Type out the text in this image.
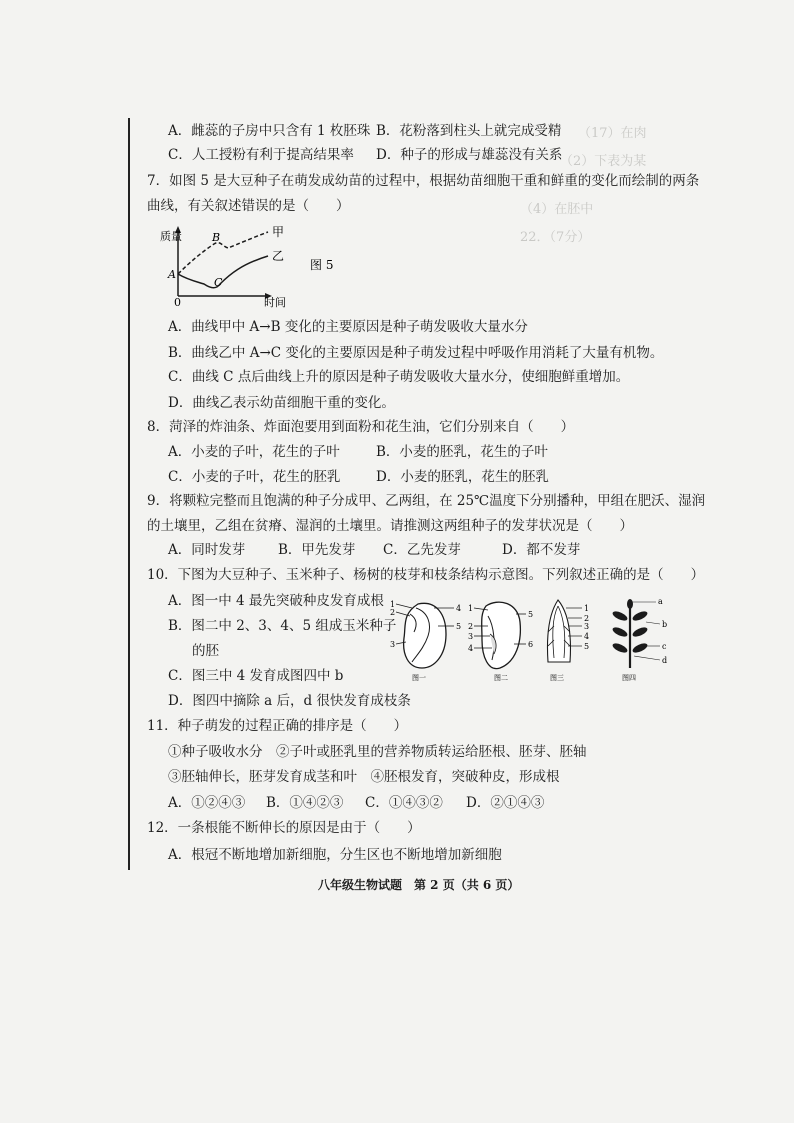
（17）在肉
（2）下表为某
（4）在胚中
22．（7分）
A．雌蕊的子房中只含有 1 枚胚珠 B．花粉落到柱头上就完成受精
C．人工授粉有利于提高结果率 D．种子的形成与雄蕊没有关系
7．如图 5 是大豆种子在萌发成幼苗的过程中，根据幼苗细胞干重和鲜重的变化而绘制的两条
曲线，有关叙述错误的是（　　）
质量
时间
0
A
B
C
甲
乙
图 5
A．曲线甲中 A→B 变化的主要原因是种子萌发吸收大量水分
B．曲线乙中 A→C 变化的主要原因是种子萌发过程中呼吸作用消耗了大量有机物。
C．曲线 C 点后曲线上升的原因是种子萌发吸收大量水分，使细胞鲜重增加。
D．曲线乙表示幼苗细胞干重的变化。
8．菏泽的炸油条、炸面泡要用到面粉和花生油，它们分别来自（　　）
A．小麦的子叶，花生的子叶	B．小麦的胚乳，花生的子叶
C．小麦的子叶，花生的胚乳	D．小麦的胚乳，花生的胚乳
9．将颗粒完整而且饱满的种子分成甲、乙两组，在 25℃温度下分别播种，甲组在肥沃、湿润
的土壤里，乙组在贫瘠、湿润的土壤里。请推测这两组种子的发芽状况是（　　）
A．同时发芽 B．甲先发芽 C．乙先发芽	D．都不发芽
10．下图为大豆种子、玉米种子、杨树的枝芽和枝条结构示意图。下列叙述正确的是（　　）
A．图一中 4 最先突破种皮发育成根
B．图二中 2、3、4、5 组成玉米种子
的胚
C．图三中 4 发育成图四中 b
D．图四中摘除 a 后，d 很快发育成枝条
1
2
3
4
5
图一
1
2
3
4
5
6
图二
1
2
3
4
5
图三
a
b
c
d
图四
11．种子萌发的过程正确的排序是（　　）
①种子吸收水分　②子叶或胚乳里的营养物质转运给胚根、胚芽、胚轴
③胚轴伸长，胚芽发育成茎和叶　④胚根发育，突破种皮，形成根
A．①②④③ B．①④②③ C．①④③② D．②①④③
12．一条根能不断伸长的原因是由于（　　）
A．根冠不断地增加新细胞，分生区也不断地增加新细胞
八年级生物试题　第 2 页（共 6 页）
